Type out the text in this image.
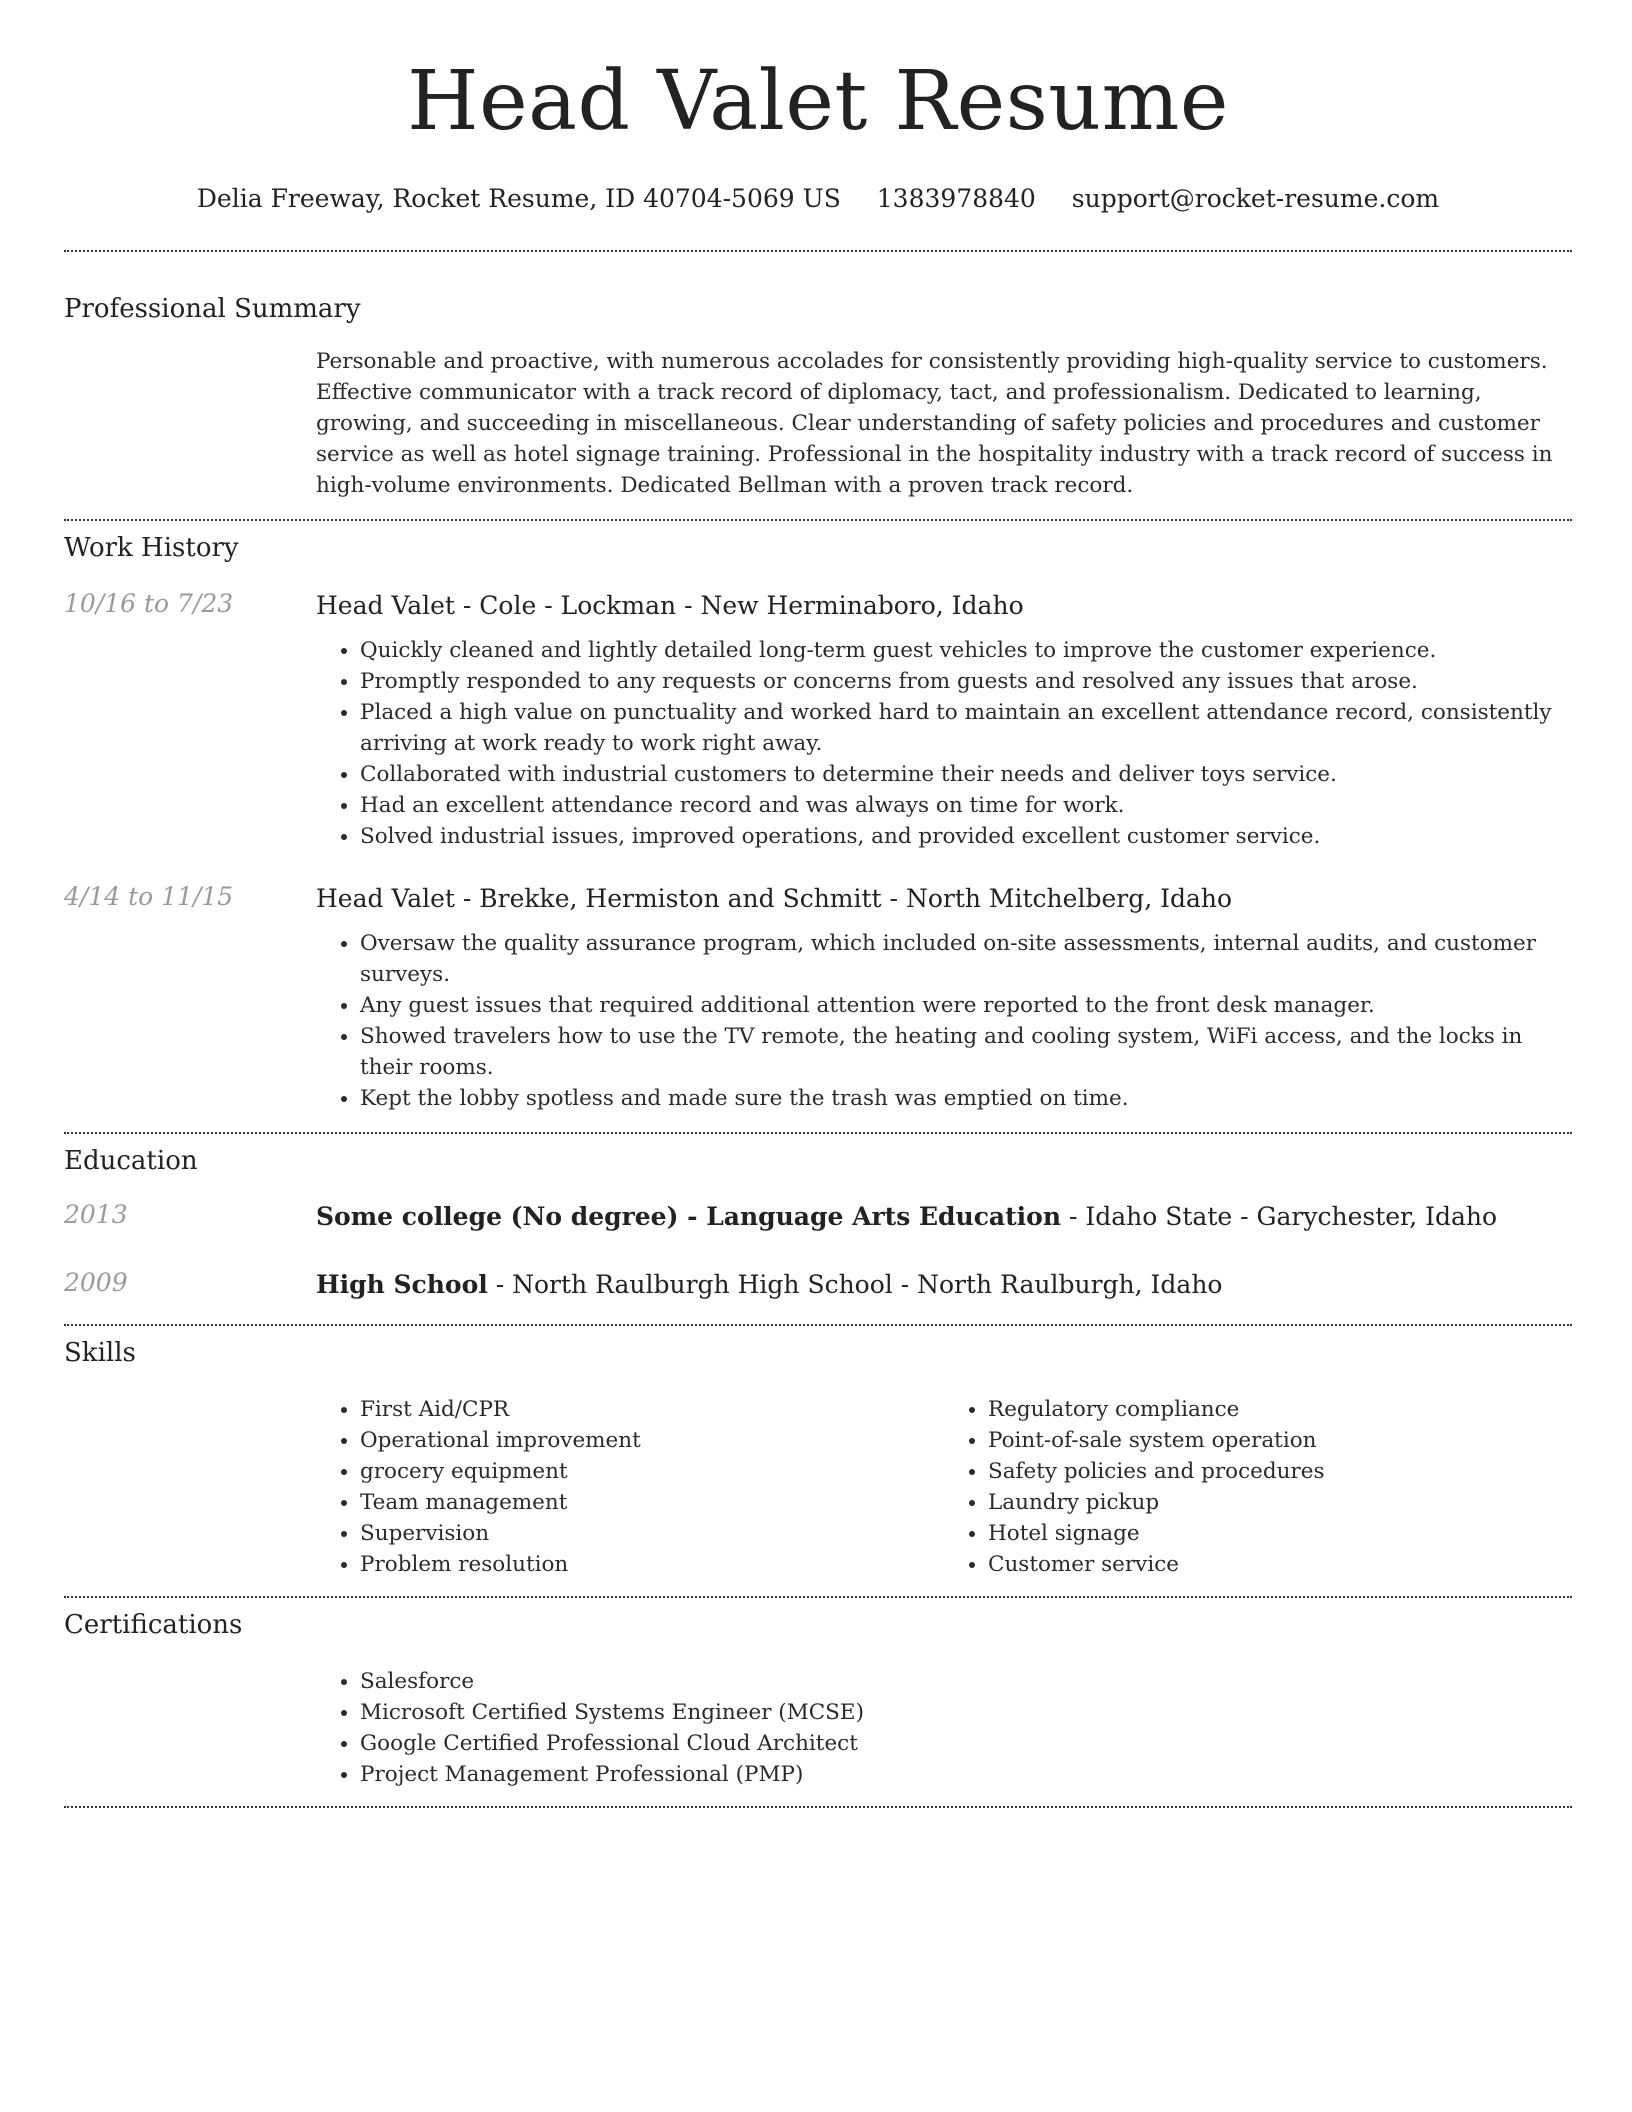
Head Valet Resume
Delia Freeway, Rocket Resume, ID 40704-5069 US 1383978840 support@rocket-resume.com
Professional Summary
Personable and proactive, with numerous accolades for consistently providing high-quality service to customers. Effective communicator with a track record of diplomacy, tact, and professionalism. Dedicated to learning, growing, and succeeding in miscellaneous. Clear understanding of safety policies and procedures and customer service as well as hotel signage training. Professional in the hospitality industry with a track record of success in high-volume environments. Dedicated Bellman with a proven track record.
Work History
10/16 to 7/23	Head Valet - Cole - Lockman - New Herminaboro, Idaho
• Quickly cleaned and lightly detailed long-term guest vehicles to improve the customer experience.
• Promptly responded to any requests or concerns from guests and resolved any issues that arose.
• Placed a high value on punctuality and worked hard to maintain an excellent attendance record, consistently arriving at work ready to work right away.
• Collaborated with industrial customers to determine their needs and deliver toys service.
• Had an excellent attendance record and was always on time for work.
• Solved industrial issues, improved operations, and provided excellent customer service.
4/14 to 11/15	Head Valet - Brekke, Hermiston and Schmitt - North Mitchelberg, Idaho
• Oversaw the quality assurance program, which included on-site assessments, internal audits, and customer surveys.
• Any guest issues that required additional attention were reported to the front desk manager.
• Showed travelers how to use the TV remote, the heating and cooling system, WiFi access, and the locks in their rooms.
• Kept the lobby spotless and made sure the trash was emptied on time.
Education
2013	Some college (No degree) - Language Arts Education - Idaho State - Garychester, Idaho
2009	High School - North Raulburgh High School - North Raulburgh, Idaho
Skills
• First Aid/CPR
• Operational improvement
• grocery equipment
• Team management
• Supervision
• Problem resolution
• Regulatory compliance
• Point-of-sale system operation
• Safety policies and procedures
• Laundry pickup
• Hotel signage
• Customer service
Certifications
• Salesforce
• Microsoft Certified Systems Engineer (MCSE)
• Google Certified Professional Cloud Architect
• Project Management Professional (PMP)
